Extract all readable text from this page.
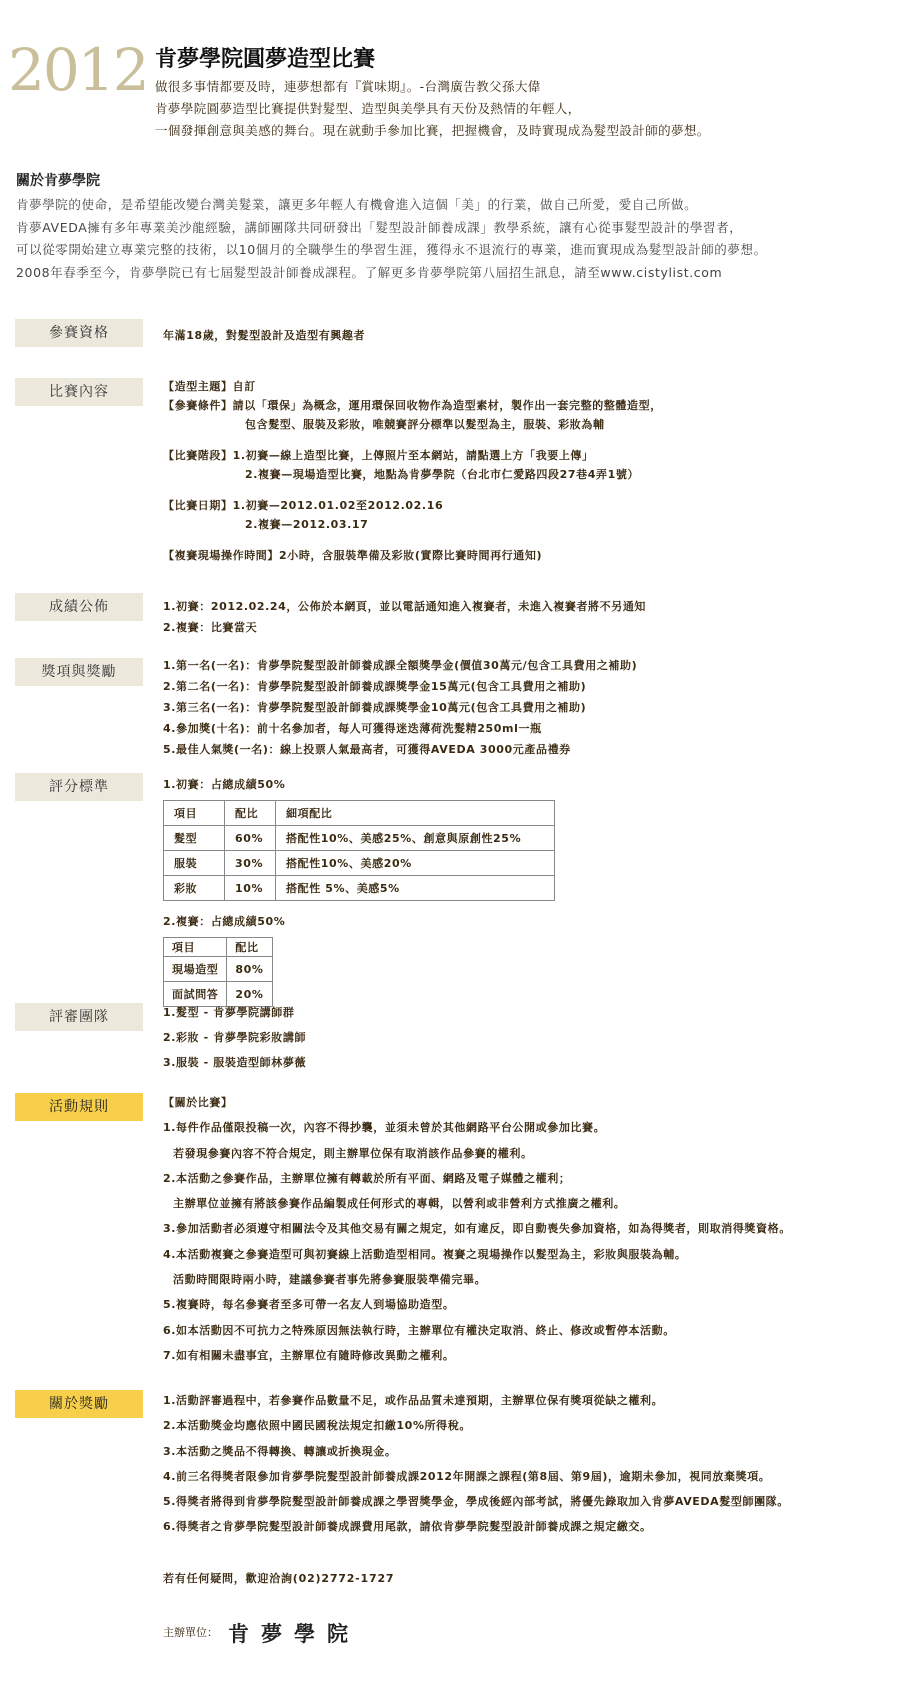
2012 肯夢學院圓夢造型比賽
做很多事情都要及時，連夢想都有『賞味期』。-台灣廣告教父孫大偉
肯夢學院圓夢造型比賽提供對髮型、造型與美學具有天份及熱情的年輕人，
一個發揮創意與美感的舞台。現在就動手參加比賽，把握機會，及時實現成為髮型設計師的夢想。
關於肯夢學院
肯夢學院的使命，是希望能改變台灣美髮業，讓更多年輕人有機會進入這個「美」的行業，做自己所愛，愛自己所做。
肯夢AVEDA擁有多年專業美沙龍經驗，講師團隊共同研發出「髮型設計師養成課」教學系統，讓有心從事髮型設計的學習者，
可以從零開始建立專業完整的技術，以10個月的全職學生的學習生涯，獲得永不退流行的專業，進而實現成為髮型設計師的夢想。
2008年春季至今，肯夢學院已有七屆髮型設計師養成課程。了解更多肯夢學院第八屆招生訊息，請至www.cistylist.com
參賽資格	年滿18歲，對髮型設計及造型有興趣者
比賽內容	【造型主題】自訂
【參賽條件】請以「環保」為概念，運用環保回收物作為造型素材，製作出一套完整的整體造型，
包含髮型、服裝及彩妝，唯競賽評分標準以髮型為主，服裝、彩妝為輔
【比賽階段】1.初賽—線上造型比賽，上傳照片至本網站，請點選上方「我要上傳」
2.複賽—現場造型比賽，地點為肯夢學院（台北市仁愛路四段27巷4弄1號）
【比賽日期】1.初賽—2012.01.02至2012.02.16
2.複賽—2012.03.17
【複賽現場操作時間】2小時，含服裝準備及彩妝(實際比賽時間再行通知)
成績公佈	1.初賽：2012.02.24，公佈於本網頁，並以電話通知進入複賽者，未進入複賽者將不另通知
2.複賽：比賽當天
獎項與獎勵	1.第一名(一名)：肯夢學院髮型設計師養成課全額獎學金(價值30萬元/包含工具費用之補助)
2.第二名(一名)：肯夢學院髮型設計師養成課獎學金15萬元(包含工具費用之補助)
3.第三名(一名)：肯夢學院髮型設計師養成課獎學金10萬元(包含工具費用之補助)
4.參加獎(十名)：前十名參加者，每人可獲得迷迭薄荷洗髮精250ml一瓶
5.最佳人氣獎(一名)：線上投票人氣最高者，可獲得AVEDA 3000元產品禮券
評分標準	1.初賽：占總成績50%
項目	配比	細項配比
髮型	60%	搭配性10%、美感25%、創意與原創性25%
服裝	30%	搭配性10%、美感20%
彩妝	10%	搭配性 5%、美感5%
2.複賽：占總成績50%
項目	配比
現場造型	80%
面試問答	20%
評審團隊	1.髮型 - 肯夢學院講師群
2.彩妝 - 肯夢學院彩妝講師
3.服裝 - 服裝造型師林夢薇
活動規則	【關於比賽】
1.每件作品僅限投稿一次，內容不得抄襲，並須未曾於其他網路平台公開或參加比賽。
若發現參賽內容不符合規定，則主辦單位保有取消該作品參賽的權利。
2.本活動之參賽作品，主辦單位擁有轉載於所有平面、網路及電子媒體之權利；
主辦單位並擁有將該參賽作品編製成任何形式的專輯，以營利或非營利方式推廣之權利。
3.參加活動者必須遵守相關法令及其他交易有關之規定，如有違反，即自動喪失參加資格，如為得獎者，則取消得獎資格。
4.本活動複賽之參賽造型可與初賽線上活動造型相同。複賽之現場操作以髮型為主，彩妝與服裝為輔。
活動時間限時兩小時，建議參賽者事先將參賽服裝準備完畢。
5.複賽時，每名參賽者至多可帶一名友人到場協助造型。
6.如本活動因不可抗力之特殊原因無法執行時，主辦單位有權決定取消、終止、修改或暫停本活動。
7.如有相關未盡事宜，主辦單位有隨時修改異動之權利。
關於獎勵	1.活動評審過程中，若參賽作品數量不足，或作品品質未達預期，主辦單位保有獎項從缺之權利。
2.本活動獎金均應依照中國民國稅法規定扣繳10%所得稅。
3.本活動之獎品不得轉換、轉讓或折換現金。
4.前三名得獎者限參加肯夢學院髮型設計師養成課2012年開課之課程(第8屆、第9屆)，逾期未參加，視同放棄獎項。
5.得獎者將得到肯夢學院髮型設計師養成課之學習獎學金，學成後經內部考試，將優先錄取加入肯夢AVEDA髮型師團隊。
6.得獎者之肯夢學院髮型設計師養成課費用尾款，請依肯夢學院髮型設計師養成課之規定繳交。
若有任何疑問，歡迎洽詢(02)2772-1727
主辦單位： 肯夢學院
